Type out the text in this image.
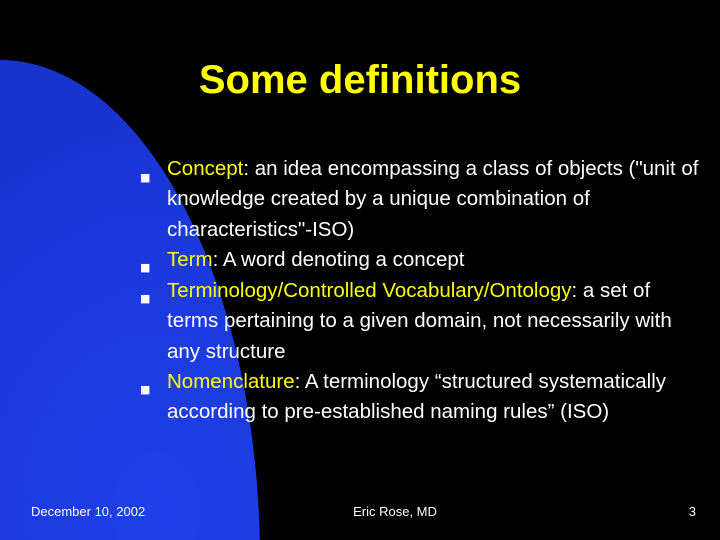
Some definitions
■ Concept: an idea encompassing a class of objects ("unit of knowledge created by a unique combination of characteristics"-ISO)
■ Term: A word denoting a concept
■ Terminology/Controlled Vocabulary/Ontology: a set of terms pertaining to a given domain, not necessarily with any structure
■ Nomenclature: A terminology “structured systematically according to pre-established naming rules” (ISO)
December 10, 2002	Eric Rose, MD	3
